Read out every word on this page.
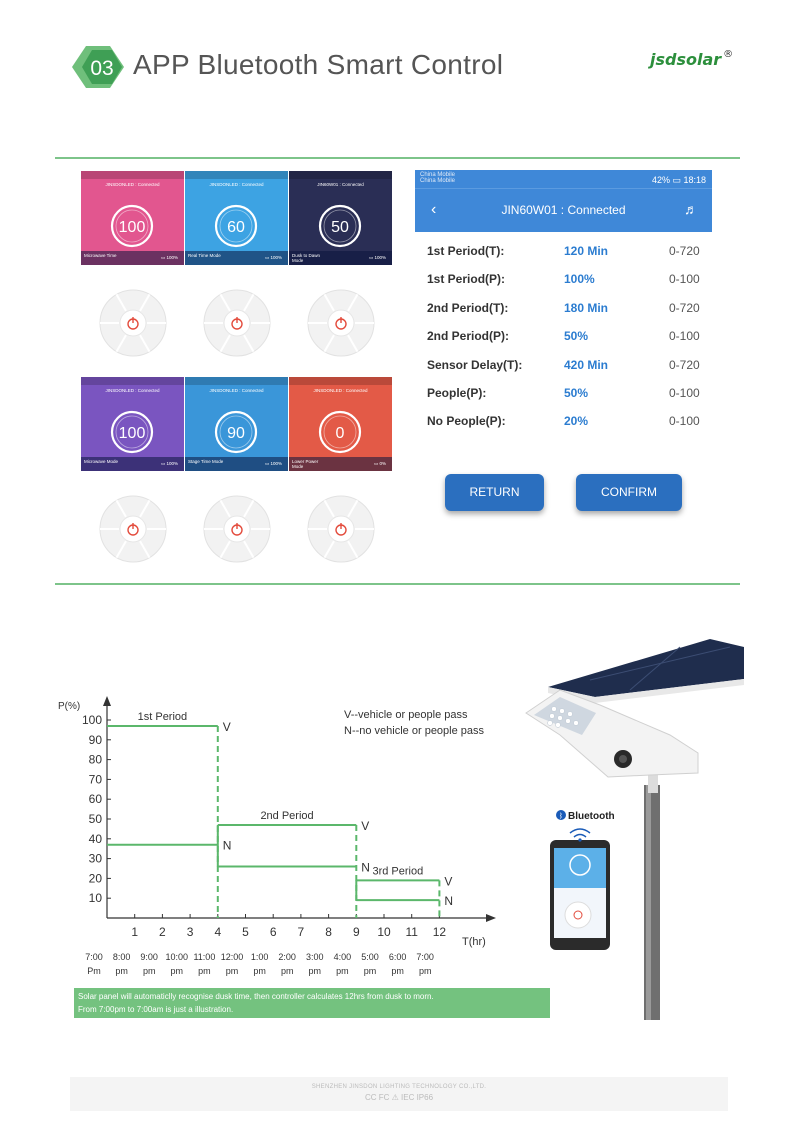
03 APP Bluetooth Smart Control	jsdsolar ®
JINSDONLED : Connected
100
Microwave Time	▭ 100%
JINSDONLED : Connected
60
Real Time Mode	▭ 100%
JIN60W01 : Connected
50
Dusk to Dawn Mode
▭ 100%
JINSDONLED : Connected
100
Microwave Mode	▭ 100%
JINSDONLED : Connected
90
Stage Time Mode	▭ 100%
JINSDONLED : Connected
0
Lower Power Mode
▭ 0%
China Mobile
China Mobile	42% ▭ 18:18
‹	JIN60W01 : Connected	♬
1st Period(T):	120 Min	0-720
1st Period(P):	100%	0-100
2nd Period(T):	180 Min	0-720
2nd Period(P):	50%	0-100
Sensor Delay(T):	420 Min	0-720
People(P):	50%	0-100
No People(P):	20%	0-100
RETURN	CONFIRM
P(%)
T(hr)
10
20
30
40
50
60
70
80
90
100
1 2 3 4 5 6 7 8 9 10 11 12
7:00
Pm
8:00
pm
9:00
pm
10:00
pm
11:00
pm
12:00
pm
1:00
pm
2:00
pm
3:00
pm
4:00
pm
5:00
pm
6:00
pm
7:00
pm
1st Period
V
N
2nd Period
V
N 3rd Period
V
N
V--vehicle or people pass
N--no vehicle or people pass
Solar panel will automaticlly recognise dusk time, then controller calculates 12hrs from dusk to morn.
From 7:00pm to 7:00am is just a illustration.
ᛒ Bluetooth
SHENZHEN JINSDON LIGHTING TECHNOLOGY CO.,LTD.
CC FC ⚠ IEC IP66
